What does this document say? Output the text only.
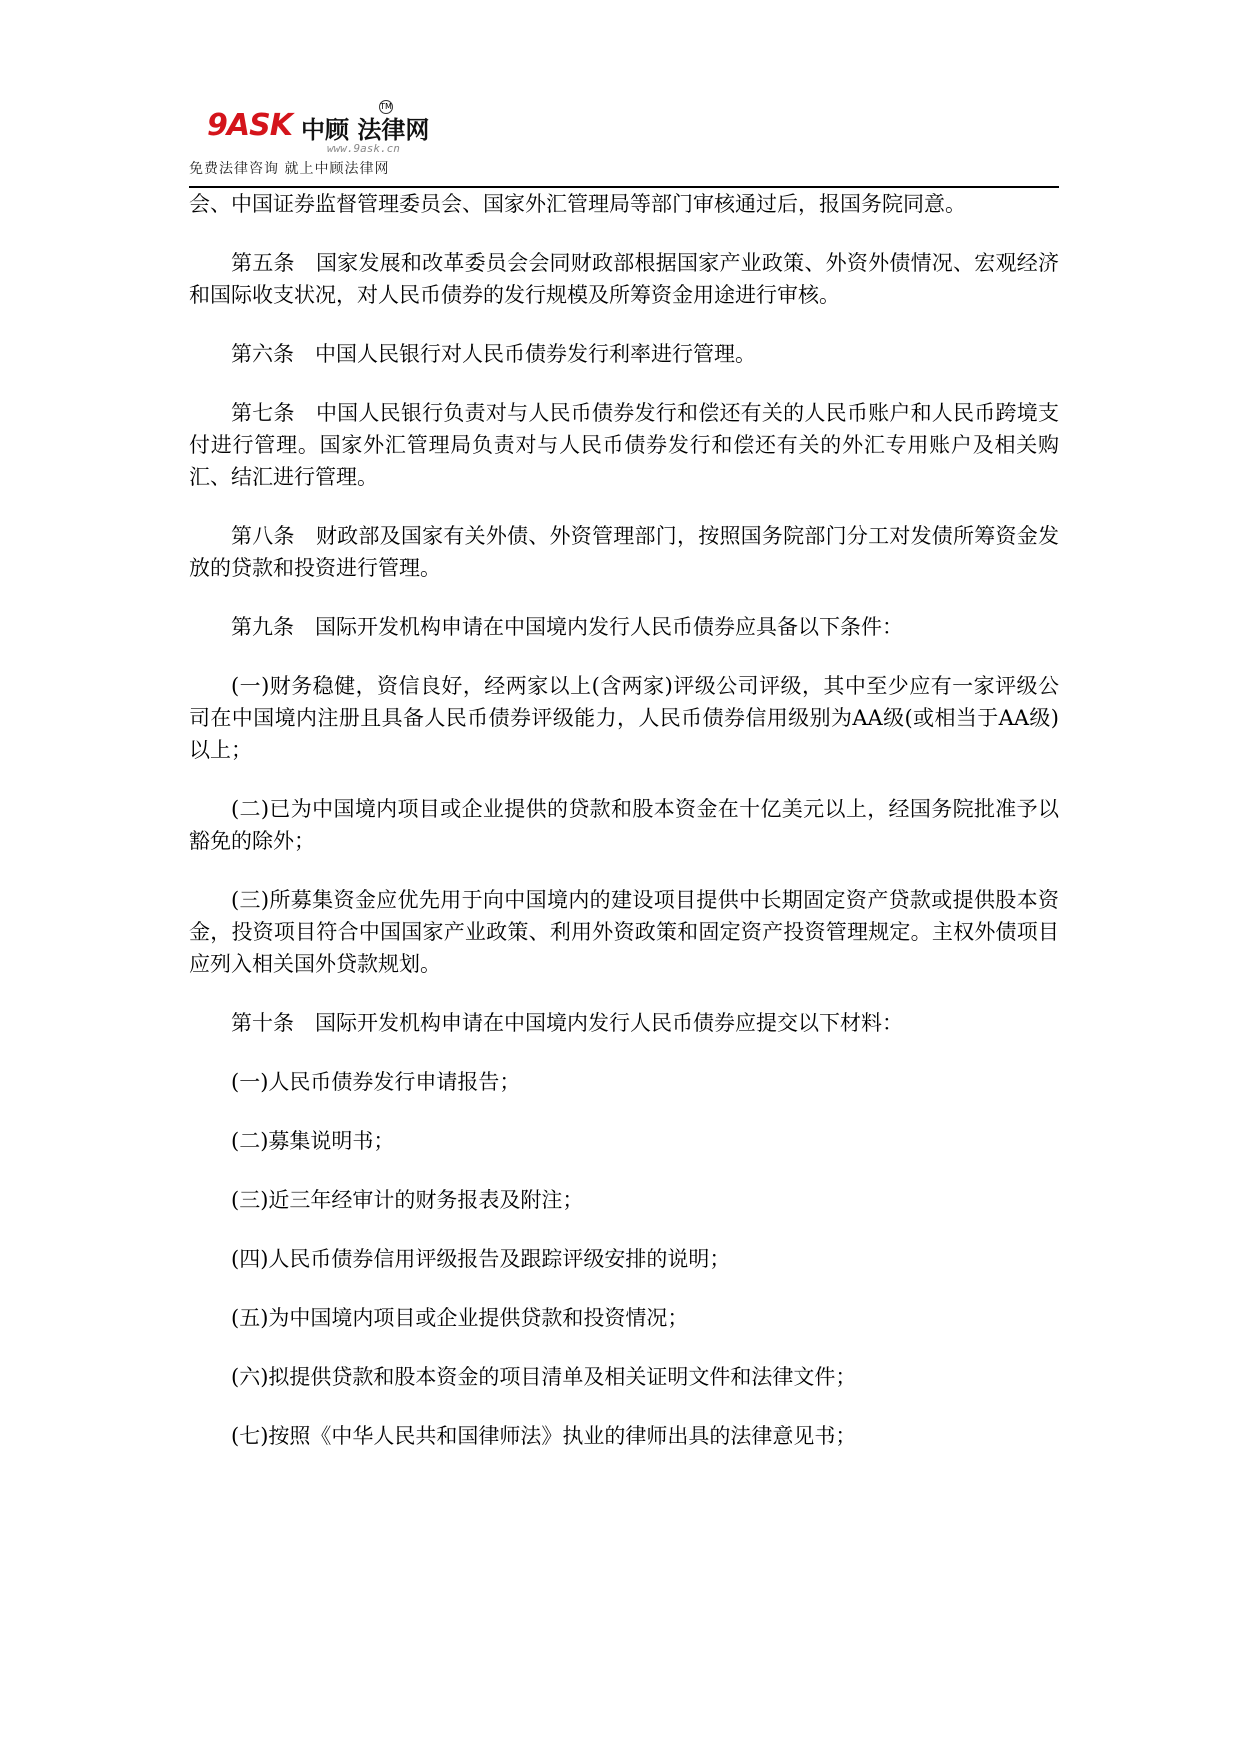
9ASK 中顾 法律网
TM
www.9ask.cn
免费法律咨询 就上中顾法律网

会、中国证券监督管理委员会、国家外汇管理局等部门审核通过后，报国务院同意。

第五条　国家发展和改革委员会会同财政部根据国家产业政策、外资外债情况、宏观经济和国际收支状况，对人民币债券的发行规模及所筹资金用途进行审核。

第六条　中国人民银行对人民币债券发行利率进行管理。

第七条　中国人民银行负责对与人民币债券发行和偿还有关的人民币账户和人民币跨境支付进行管理。国家外汇管理局负责对与人民币债券发行和偿还有关的外汇专用账户及相关购汇、结汇进行管理。

第八条　财政部及国家有关外债、外资管理部门，按照国务院部门分工对发债所筹资金发放的贷款和投资进行管理。

第九条　国际开发机构申请在中国境内发行人民币债券应具备以下条件：

(一)财务稳健，资信良好，经两家以上(含两家)评级公司评级，其中至少应有一家评级公司在中国境内注册且具备人民币债券评级能力，人民币债券信用级别为AA级(或相当于AA级)以上；

(二)已为中国境内项目或企业提供的贷款和股本资金在十亿美元以上，经国务院批准予以豁免的除外；

(三)所募集资金应优先用于向中国境内的建设项目提供中长期固定资产贷款或提供股本资金，投资项目符合中国国家产业政策、利用外资政策和固定资产投资管理规定。主权外债项目应列入相关国外贷款规划。

第十条　国际开发机构申请在中国境内发行人民币债券应提交以下材料：

(一)人民币债券发行申请报告；

(二)募集说明书；

(三)近三年经审计的财务报表及附注；

(四)人民币债券信用评级报告及跟踪评级安排的说明；

(五)为中国境内项目或企业提供贷款和投资情况；

(六)拟提供贷款和股本资金的项目清单及相关证明文件和法律文件；

(七)按照《中华人民共和国律师法》执业的律师出具的法律意见书；
